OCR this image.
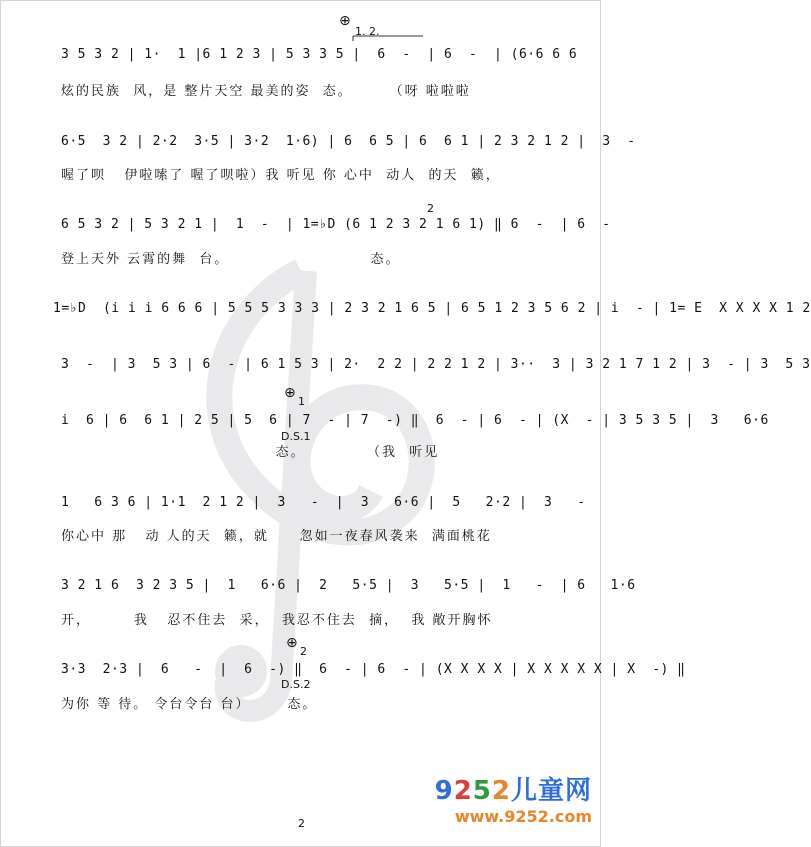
⊕
1. 2.
3 5 3 2 | 1·  1 |6 1 2 3 | 5 3 3 5 |  6  -  | 6  -  | (6·6 6 6
炫的民族  风，是 整片天空 最美的姿  态。      （呀 啦啦啦
6·5  3 2 | 2·2  3·5 | 3·2  1·6) | 6  6 5 | 6  6 1 | 2 3 2 1 2 |  3  -
喔了呗   伊啦嗦了 喔了呗啦）我 听见 你 心中  动人  的天  籁，
2
6 5 3 2 | 5 3 2 1 |  1  -  | 1=♭D (6 1 2 3 2 1 6 1) ‖ 6  -  | 6  -
登上天外 云霄的舞  台。                       态。
1=♭D  (i i i 6 6 6 | 5 5 5 3 3 3 | 2 3 2 1 6 5 | 6 5 1 2 3 5 6 2 | i  - | 1= E  X X X X 1 2
3  -  | 3  5 3 | 6  - | 6 1 5 3 | 2·  2 2 | 2 2 1 2 | 3··  3 | 3 2 1 7 1 2 | 3  - | 3  5 3
⊕
1
i  6 | 6  6 1 | 2 5 | 5  6 | 7  - | 7  -) ‖  6  - | 6  - | (X  - | 3 5 3 5 |  3   6·6
D.S.1
态。          （我  听见
1   6 3 6 | 1·1  2 1 2 |  3   -  |  3   6·6 |  5   2·2 |  3   -
你心中 那   动 人的天  籁，就     忽如一夜春风袭来  满面桃花
3 2 1 6  3 2 3 5 |  1   6·6 |  2   5·5 |  3   5·5 |  1   -  | 6   1·6
开，       我   忍不住去  采，  我忍不住去  摘，  我 敞开胸怀
⊕
2
3·3  2·3 |  6   -  |  6  -) ‖  6  - | 6  - | (X X X X | X X X X X | X  -) ‖
D.S.2
为你 等 待。 令台令台 台）      态。
2
9252儿童网
www.9252.com
